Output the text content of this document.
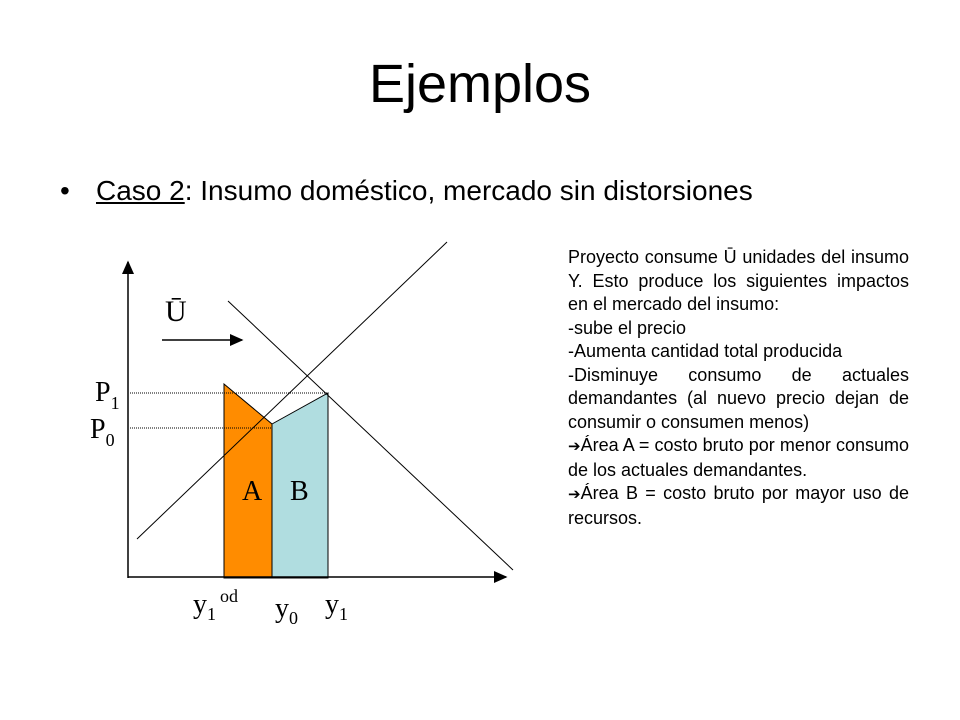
Ejemplos
• Caso 2: Insumo doméstico, mercado sin distorsiones
Ū
$P_1$
$P_0$
A B
$y_1$
od $y_0$ $y_1$

Proyecto consume Ū unidades del insumo Y. Esto produce los siguientes impactos en el mercado del insumo:

-sube el precio

-Aumenta cantidad total producida

-Disminuye consumo de actuales demandantes (al nuevo precio dejan de consumir o consumen menos)

➔Área A = costo bruto por menor consumo de los actuales demandantes.

➔Área B = costo bruto por mayor uso de recursos.
